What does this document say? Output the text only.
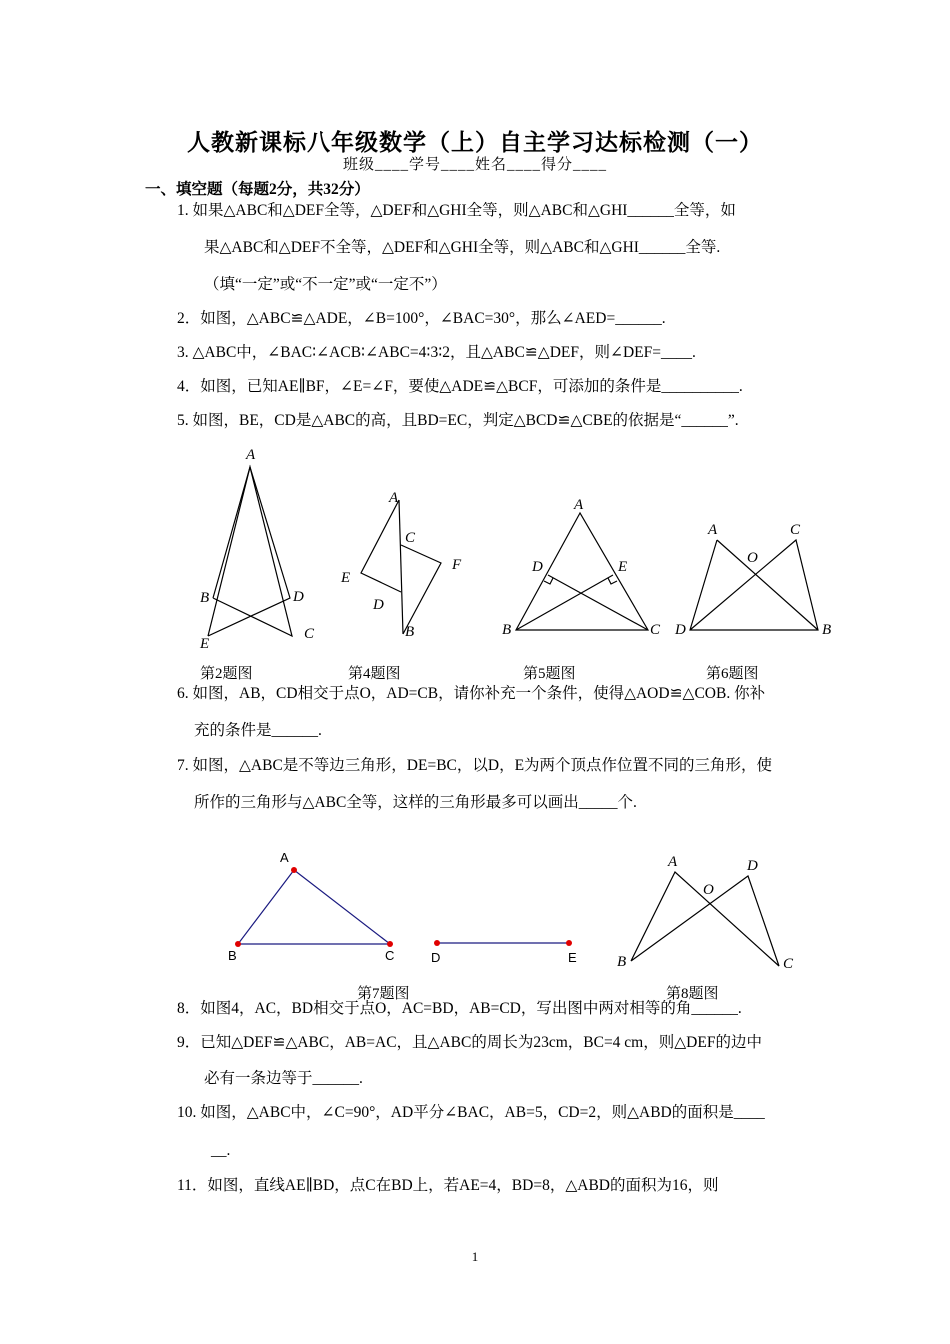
人教新课标八年级数学（上）自主学习达标检测（一）
班级____学号____姓名____得分____
一、填空题（每题2分，共32分）
1. 如果△ABC和△DEF全等，△DEF和△GHI全等，则△ABC和△GHI______全等，如
果△ABC和△DEF不全等，△DEF和△GHI全等，则△ABC和△GHI______全等.
（填“一定”或“不一定”或“一定不”）
2．如图，△ABC≌△ADE，∠B=100°，∠BAC=30°，那么∠AED=______.
3. △ABC中，∠BAC∶∠ACB∶∠ABC=4∶3∶2，且△ABC≌△DEF，则∠DEF=____.
4．如图，已知AE∥BF，∠E=∠F，要使△ADE≌△BCF，可添加的条件是__________.
5. 如图，BE，CD是△ABC的高，且BD=EC，判定△BCD≌△CBE的依据是“______”.
A
B	D
E
C
A
C
E
F
D
B
A
D	E
B	C
A	C
O
D	B
A
B	C	D	E
A	D
O
B	C
第2题图	第4题图	第5题图	第6题图
6. 如图，AB，CD相交于点O，AD=CB，请你补充一个条件，使得△AOD≌△COB. 你补
充的条件是______.
7. 如图，△ABC是不等边三角形，DE=BC，以D，E为两个顶点作位置不同的三角形，使
所作的三角形与△ABC全等，这样的三角形最多可以画出_____个.
第7题图	第8题图
8．如图4，AC，BD相交于点O，AC=BD，AB=CD，写出图中两对相等的角______.
9．已知△DEF≌△ABC，AB=AC，且△ABC的周长为23cm，BC=4 cm，则△DEF的边中
必有一条边等于______.
10. 如图，△ABC中，∠C=90°，AD平分∠BAC，AB=5，CD=2，则△ABD的面积是____
__.
11．如图，直线AE∥BD，点C在BD上，若AE=4，BD=8，△ABD的面积为16，则
1
